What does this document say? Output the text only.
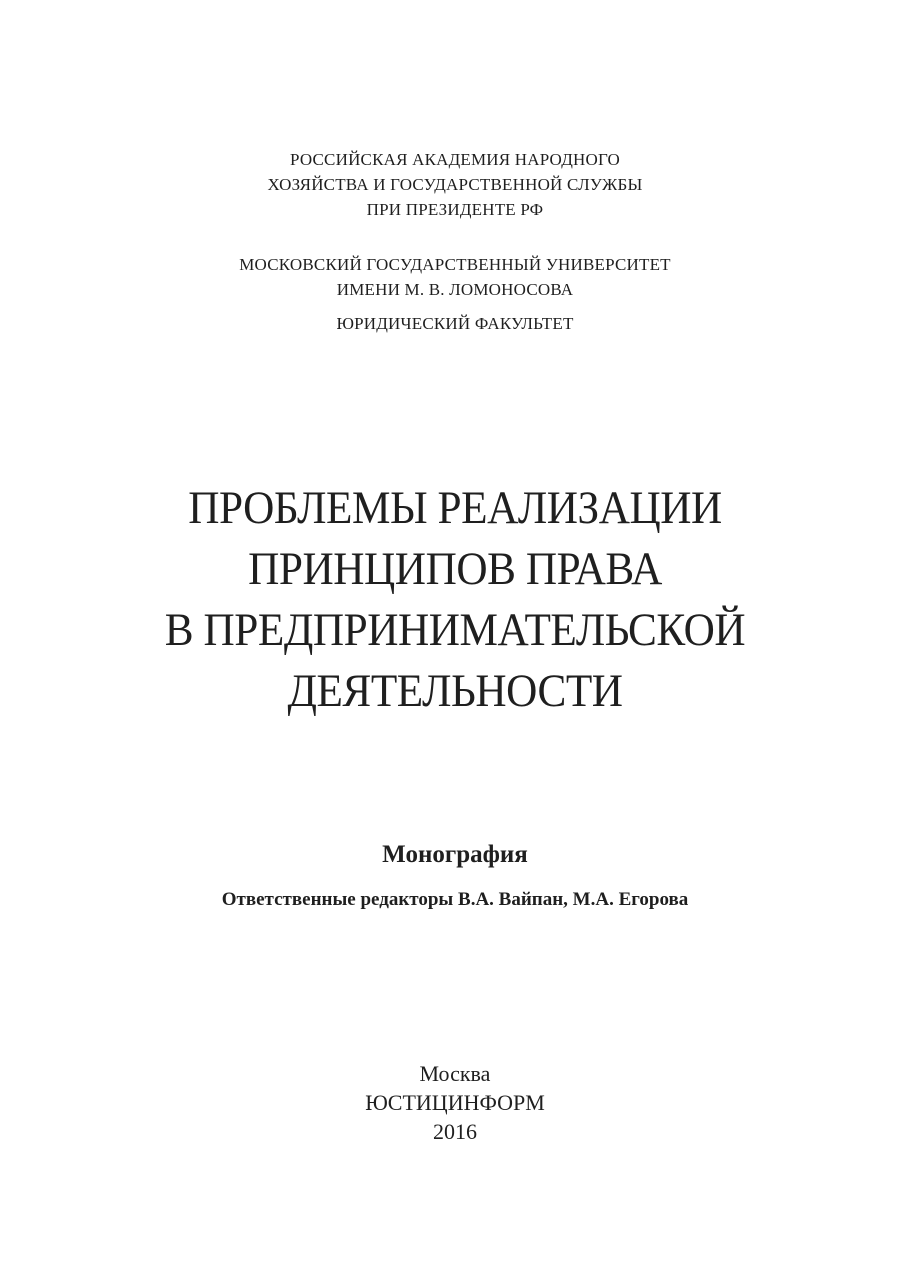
РОССИЙСКАЯ АКАДЕМИЯ НАРОДНОГО
ХОЗЯЙСТВА И ГОСУДАРСТВЕННОЙ СЛУЖБЫ
ПРИ ПРЕЗИДЕНТЕ РФ
МОСКОВСКИЙ ГОСУДАРСТВЕННЫЙ УНИВЕРСИТЕТ
ИМЕНИ М. В. ЛОМОНОСОВА
ЮРИДИЧЕСКИЙ ФАКУЛЬТЕТ
ПРОБЛЕМЫ РЕАЛИЗАЦИИ
ПРИНЦИПОВ ПРАВА
В ПРЕДПРИНИМАТЕЛЬСКОЙ
ДЕЯТЕЛЬНОСТИ
Монография
Ответственные редакторы В.А. Вайпан, М.А. Егорова
Москва
ЮСТИЦИНФОРМ
2016
